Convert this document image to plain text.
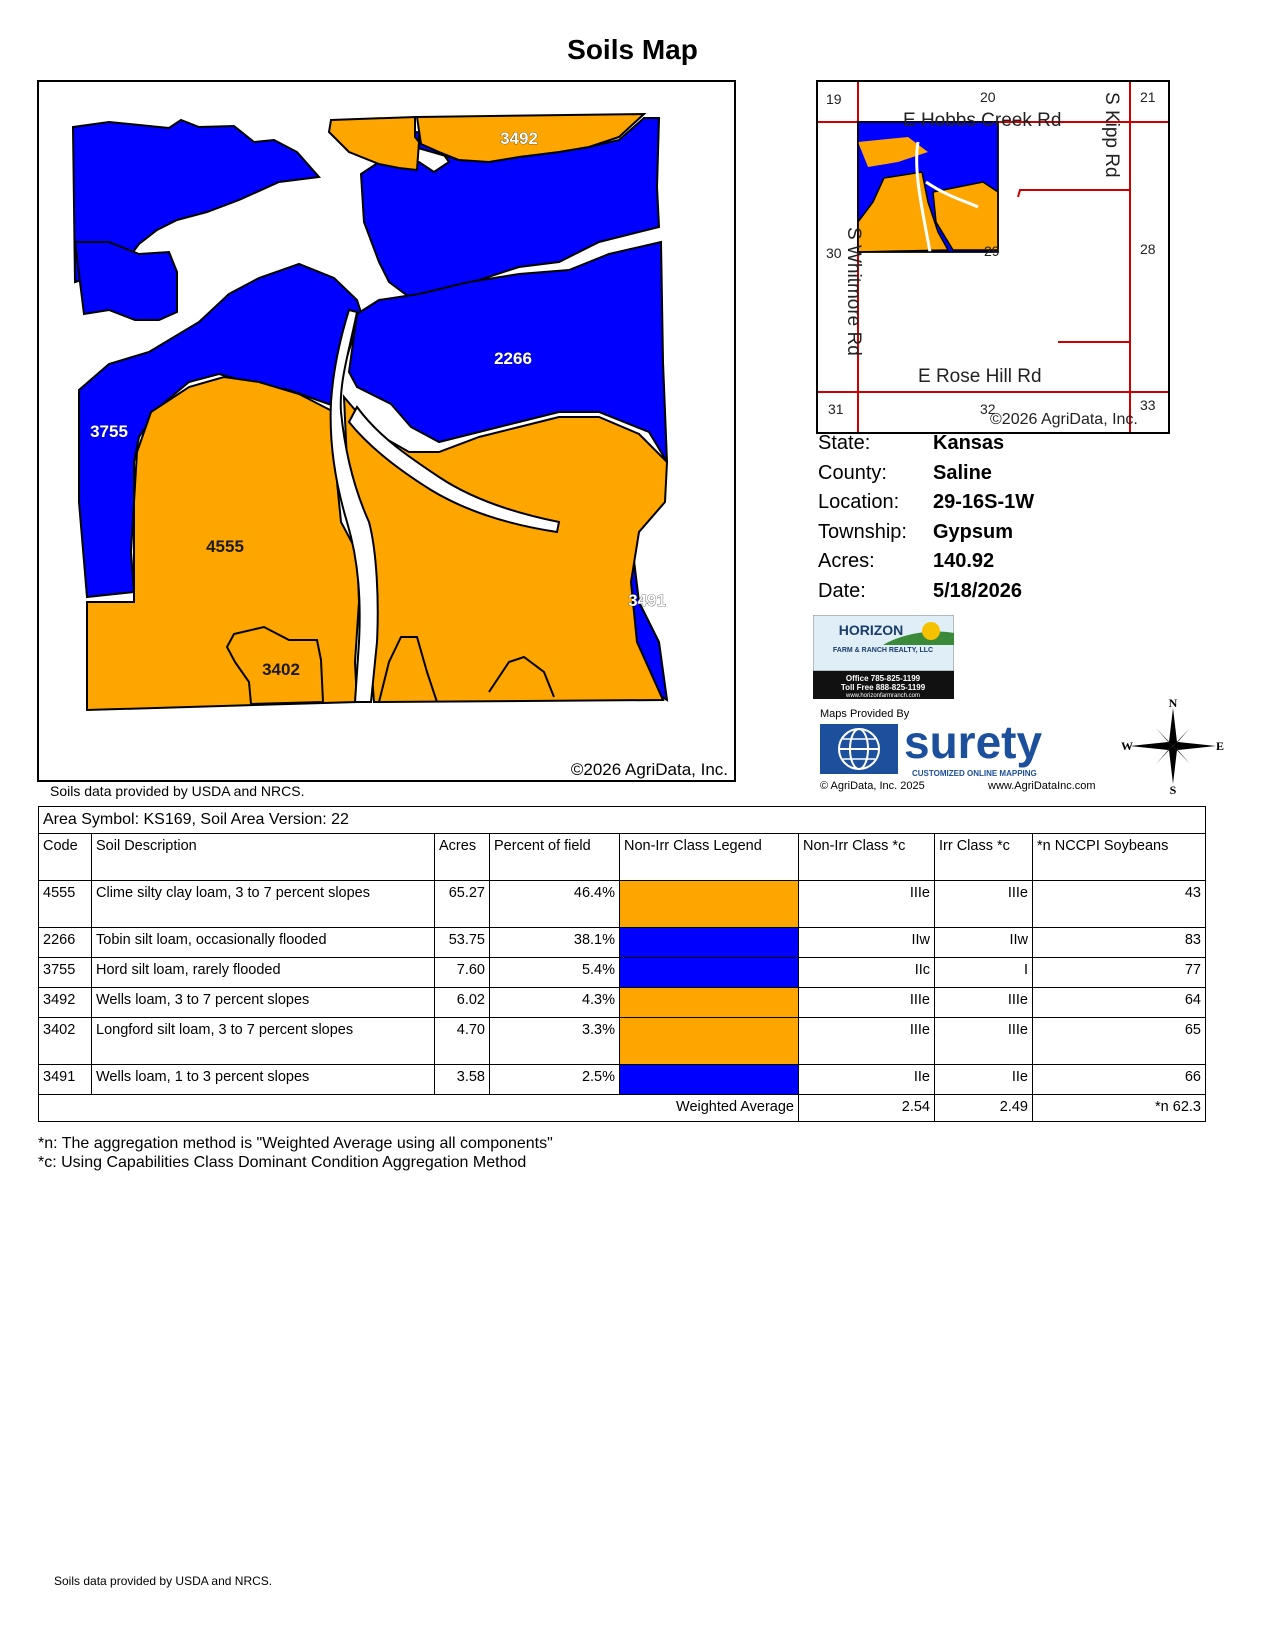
Soils Map
3492
2266
3755
4555
3491
3402
©2026 AgriData, Inc.
Soils data provided by USDA and NRCS.
E Hobbs Creek Rd S Kipp Rd
S Whitmore Rd
E Rose Hill Rd
19	20	21
28
29
30
31	32	33
©2026 AgriData, Inc.
State:	Kansas
County:	Saline
Location:	29-16S-1W
Township:	Gypsum
Acres:	140.92
Date:	5/18/2026
HORIZON
FARM & RANCH REALTY, LLC
Office 785-825-1199
Toll Free 888-825-1199
www.horizonfarmranch.com
Maps Provided By
surety
CUSTOMIZED ONLINE MAPPING
© AgriData, Inc. 2025	www.AgriDataInc.com
N
S
E
W
Area Symbol: KS169, Soil Area Version: 22							
Code	Soil Description	Acres	Percent of field	Non-Irr Class Legend	Non-Irr Class *c	Irr Class *c	*n NCCPI Soybeans
4555	Clime silty clay loam, 3 to 7 percent slopes	65.27	46.4%		IIIe	IIIe	43
2266	Tobin silt loam, occasionally flooded	53.75	38.1%		IIw	IIw	83
3755	Hord silt loam, rarely flooded	7.60	5.4%		IIc	I	77
3492	Wells loam, 3 to 7 percent slopes	6.02	4.3%		IIIe	IIIe	64
3402	Longford silt loam, 3 to 7 percent slopes	4.70	3.3%		IIIe	IIIe	65
3491	Wells loam, 1 to 3 percent slopes	3.58	2.5%		IIe	IIe	66
Weighted Average					2.54	2.49	*n 62.3
*n: The aggregation method is "Weighted Average using all components"
*c: Using Capabilities Class Dominant Condition Aggregation Method
Soils data provided by USDA and NRCS.
